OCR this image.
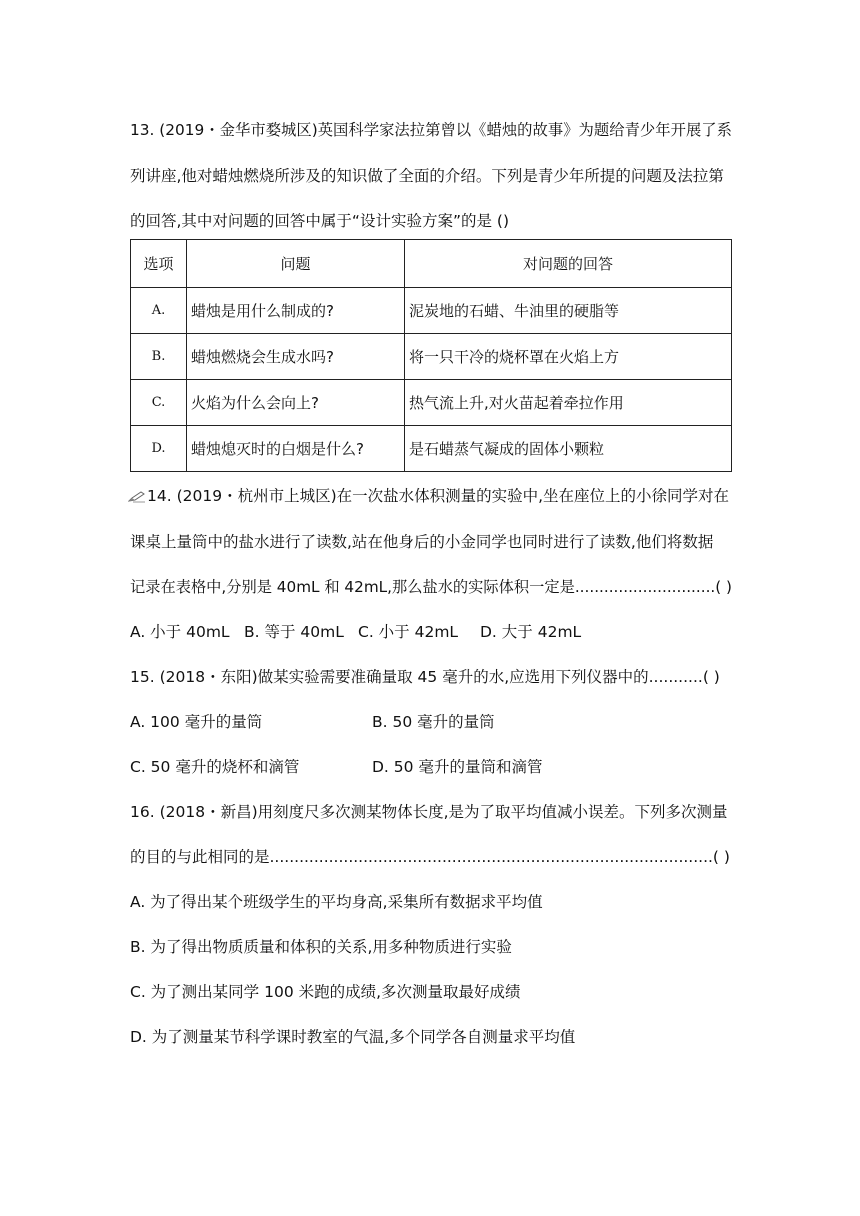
13. (2019・金华市婺城区)英国科学家法拉第曾以《蜡烛的故事》为题给青少年开展了系
列讲座,他对蜡烛燃烧所涉及的知识做了全面的介绍。下列是青少年所提的问题及法拉第
的回答,其中对问题的回答中属于“设计实验方案”的是 ()
选项	问题	对问题的回答
A.	蜡烛是用什么制成的?	泥炭地的石蜡、牛油里的硬脂等
B.	蜡烛燃烧会生成水吗?	将一只干冷的烧杯罩在火焰上方
C.	火焰为什么会向上?	热气流上升,对火苗起着牵拉作用
D.	蜡烛熄灭时的白烟是什么?	是石蜡蒸气凝成的固体小颗粒
14. (2019・杭州市上城区)在一次盐水体积测量的实验中,坐在座位上的小徐同学对在
课桌上量筒中的盐水进行了读数,站在他身后的小金同学也同时进行了读数,他们将数据
记录在表格中,分别是 40mL 和 42mL,那么盐水的实际体积一定是.............................( )
A. 小于 40mL B. 等于 40mL C. 小于 42mL D. 大于 42mL
15. (2018・东阳)做某实验需要准确量取 45 毫升的水,应选用下列仪器中的...........( )
A. 100 毫升的量筒	B. 50 毫升的量筒
C. 50 毫升的烧杯和滴管	D. 50 毫升的量筒和滴管
16. (2018・新昌)用刻度尺多次测某物体长度,是为了取平均值减小误差。下列多次测量
的目的与此相同的是..........................................................................................( )
A. 为了得出某个班级学生的平均身高,采集所有数据求平均值
B. 为了得出物质质量和体积的关系,用多种物质进行实验
C. 为了测出某同学 100 米跑的成绩,多次测量取最好成绩
D. 为了测量某节科学课时教室的气温,多个同学各自测量求平均值
